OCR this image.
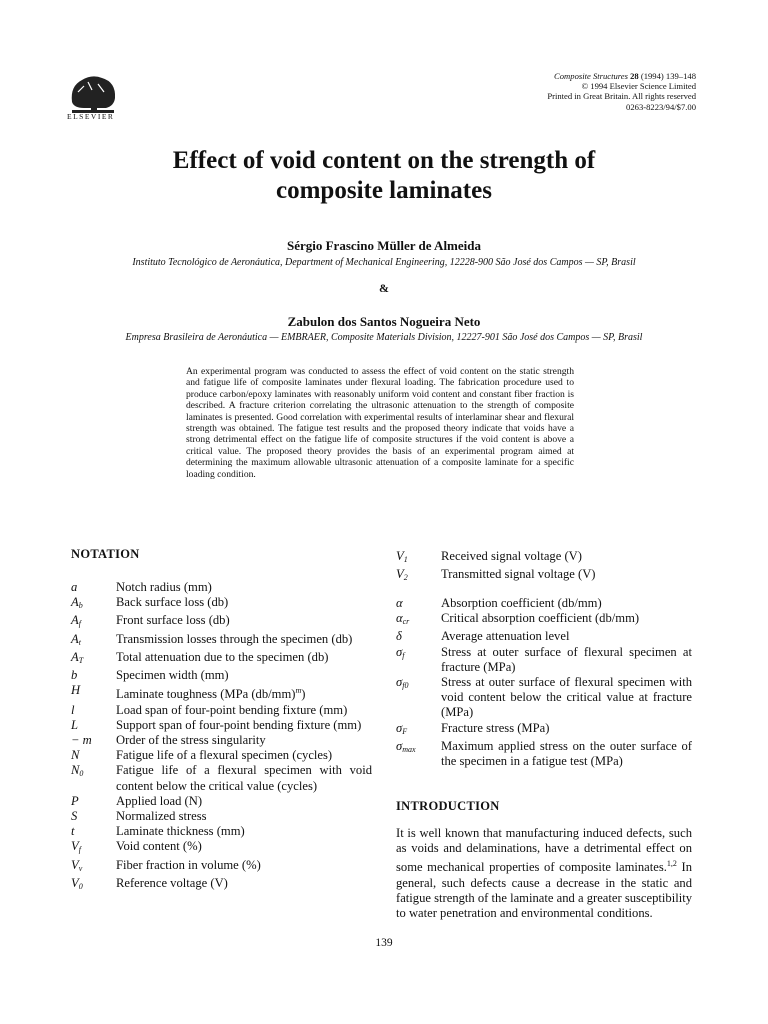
ELSEVIER
Composite Structures 28 (1994) 139–148
© 1994 Elsevier Science Limited
Printed in Great Britain. All rights reserved
0263-8223/94/$7.00
Effect of void content on the strength of
composite laminates
Sérgio Frascino Müller de Almeida
Instituto Tecnológico de Aeronáutica, Department of Mechanical Engineering, 12228-900 São José dos Campos — SP, Brasil
&
Zabulon dos Santos Nogueira Neto
Empresa Brasileira de Aeronáutica — EMBRAER, Composite Materials Division, 12227-901 São José dos Campos — SP, Brasil

An experimental program was conducted to assess the effect of void content on the static strength and fatigue life of composite laminates under flexural loading. The fabrication procedure used to produce carbon/epoxy laminates with reasonably uniform void content and constant fiber fraction is described. A fracture criterion correlating the ultrasonic attenuation to the strength of composite laminates is presented. Good correlation with experimental results of interlaminar shear and flexural strength was obtained. The fatigue test results and the proposed theory indicate that voids have a strong detrimental effect on the fatigue life of composite structures if the void content is above a critical value. The proposed theory provides the basis of an experimental program aimed at determining the maximum allowable ultrasonic attenuation of a composite laminate for a specific loading condition.

NOTATION
a	Notch radius (mm)
$A_b$	Back surface loss (db)
$A_f$	Front surface loss (db)
$A_t$	Transmission losses through the specimen (db)
$A_T$	Total attenuation due to the specimen (db)
b	Specimen width (mm)
H	Laminate toughness (MPa $(db/mm)^m$)
l	Load span of four-point bending fixture (mm)
L	Support span of four-point bending fixture (mm)
− m	Order of the stress singularity
N	Fatigue life of a flexural specimen (cycles)
$N_0$	Fatigue life of a flexural specimen with void content below the critical value (cycles)
P	Applied load (N)
S	Normalized stress
t	Laminate thickness (mm)
$V_f$	Void content (%)
$V_v$	Fiber fraction in volume (%)
$V_0$	Reference voltage (V)
$V_1$	Received signal voltage (V)
$V_2$	Transmitted signal voltage (V)
α	Absorption coefficient (db/mm)
$\alpha_{cr}$	Critical absorption coefficient (db/mm)
δ	Average attenuation level
$\sigma_f$	Stress at outer surface of flexural specimen at fracture (MPa)
$\sigma_{f0}$	Stress at outer surface of flexural specimen with void content below the critical value at fracture (MPa)
$\sigma_F$	Fracture stress (MPa)
$\sigma_{max}$	Maximum applied stress on the outer surface of the specimen in a fatigue test (MPa)
INTRODUCTION

It is well known that manufacturing induced defects, such as voids and delaminations, have a detrimental effect on some mechanical properties of composite laminates.$^{1,2}$ In general, such defects cause a decrease in the static and fatigue strength of the laminate and a greater susceptibility to water penetration and environmental conditions.

139
